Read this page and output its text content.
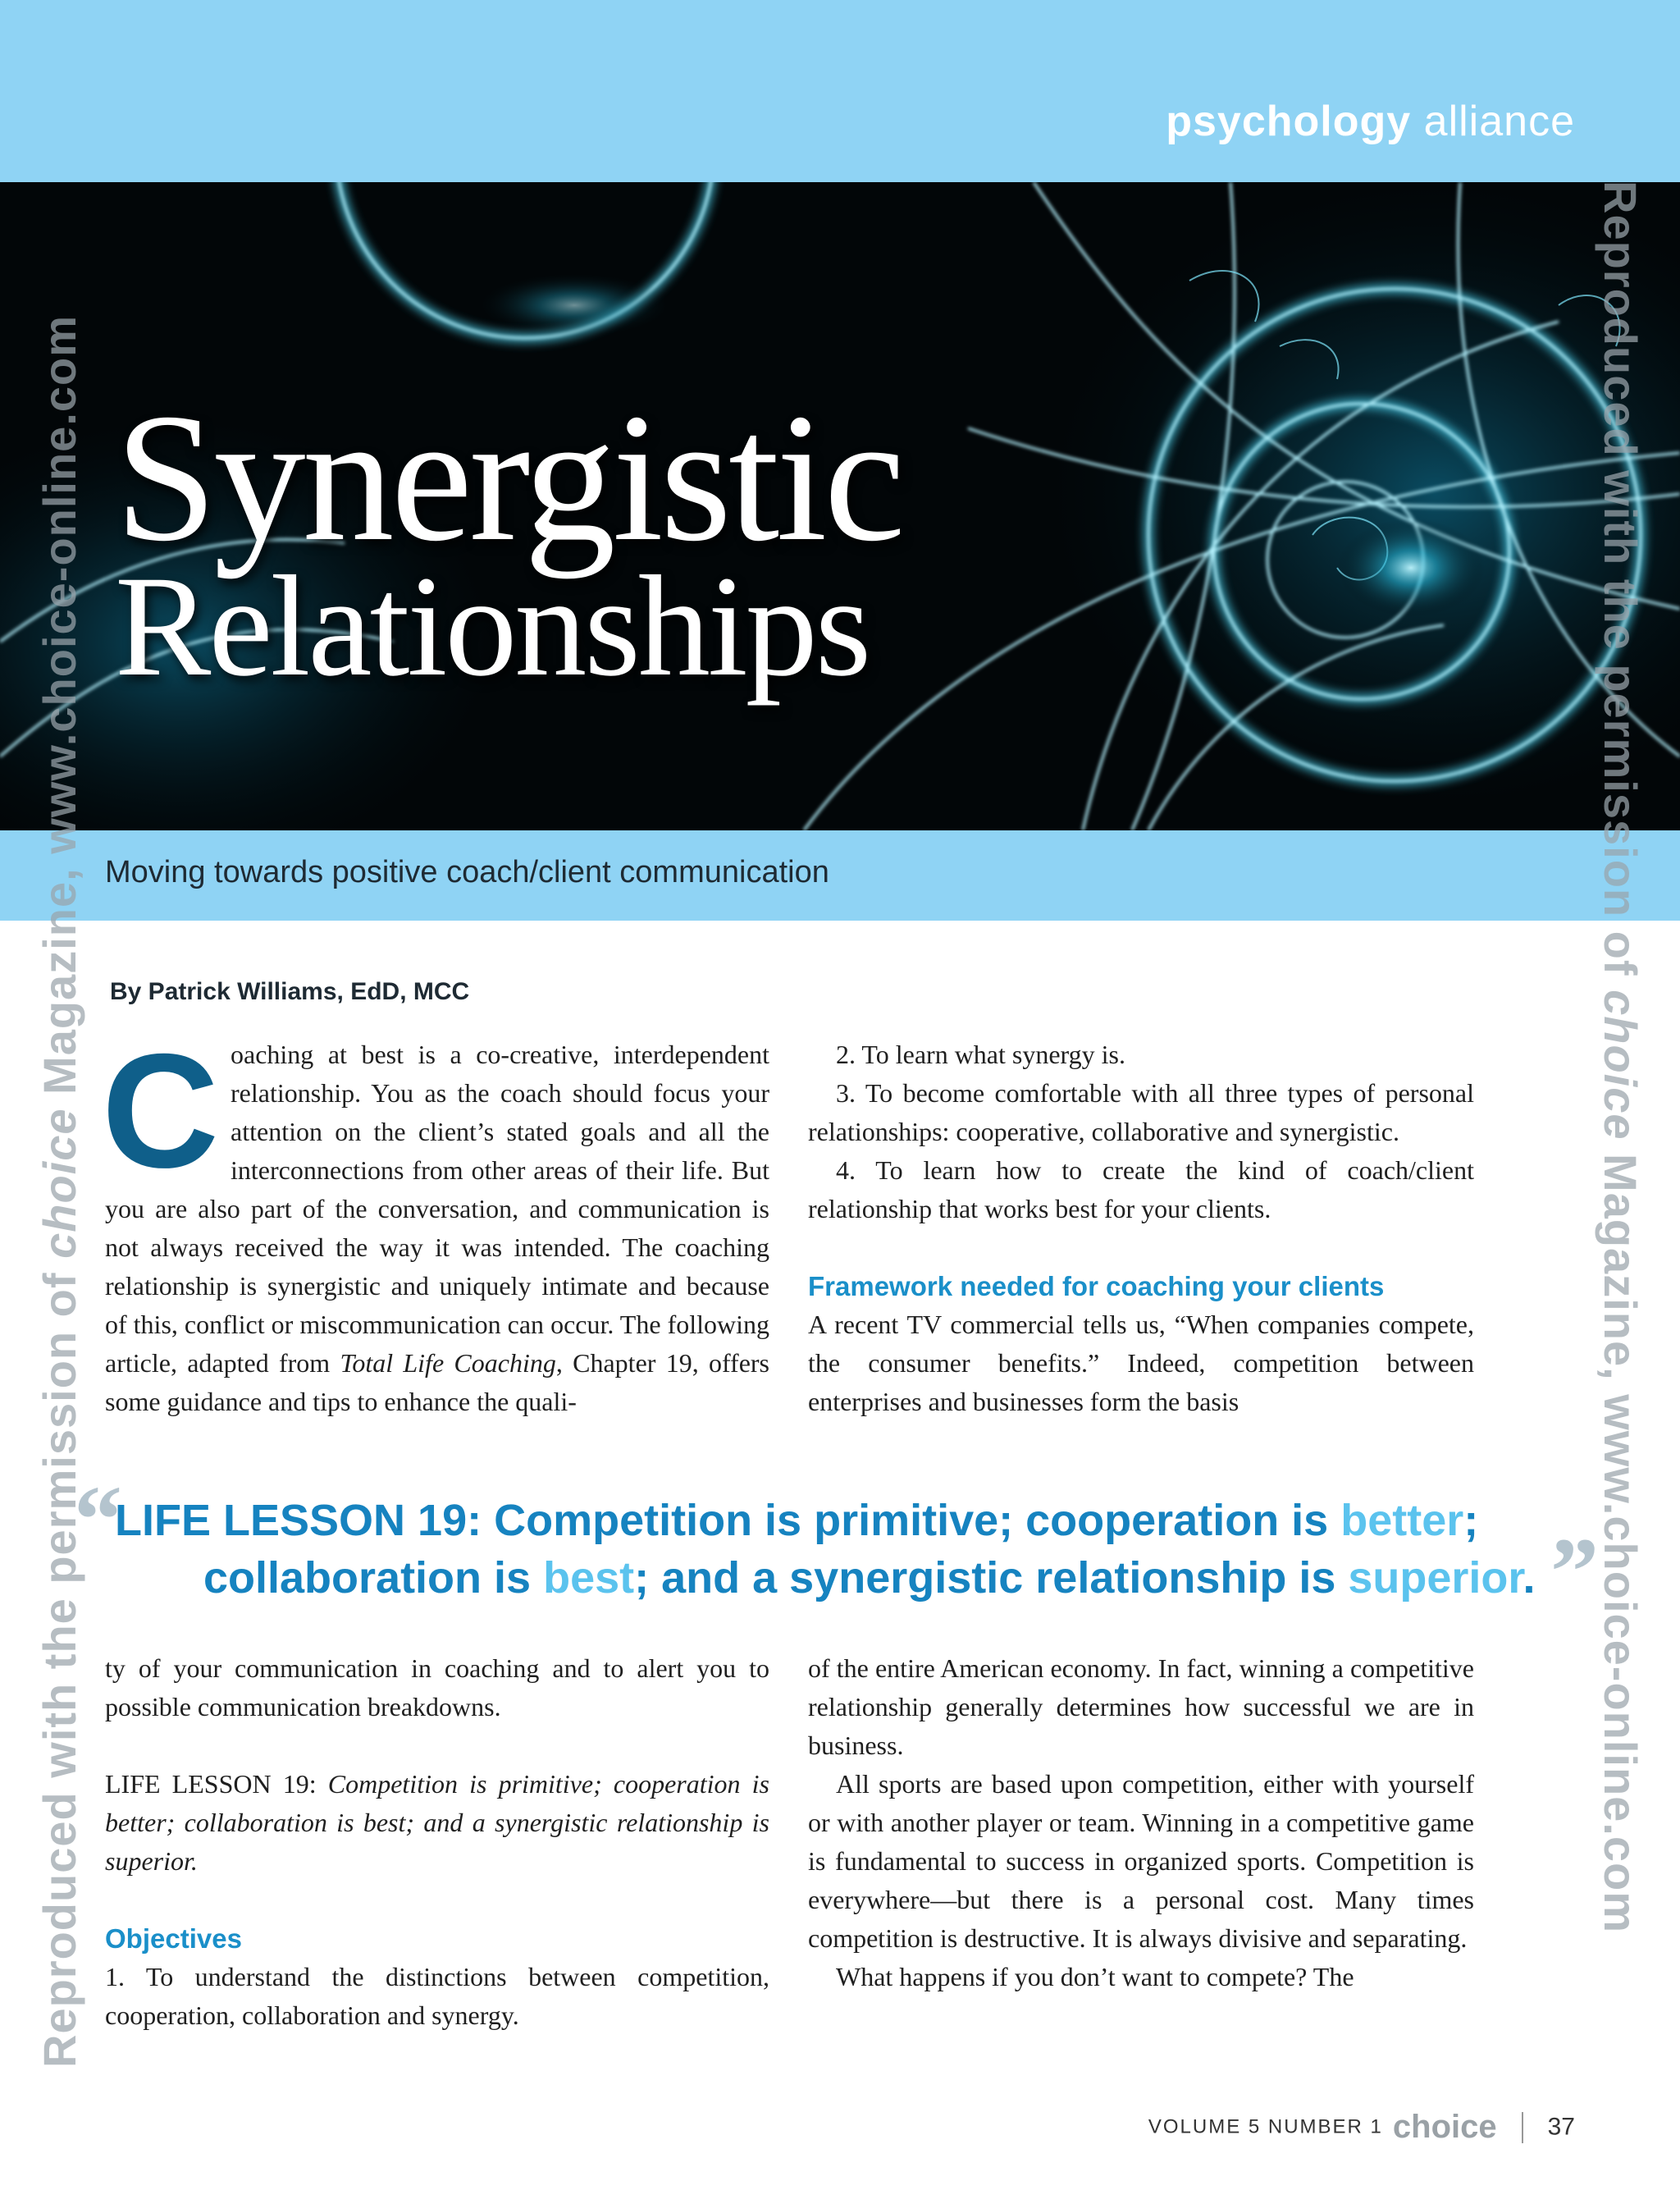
psychology alliance
Synergistic
Relationships
Moving towards positive coach/client communication
Reproduced with the permission of choice Magazine, www.choice-online.com	Reproduced with the permission of choice Magazine, www.choice-online.com
By Patrick Williams, EdD, MCC

Coaching at best is a co-creative, interdependent relationship. You as the coach should focus your attention on the client’s stated goals and all the interconnections from other areas of their life. But you are also part of the conversation, and communication is not always received the way it was intended. The coaching relationship is synergistic and uniquely intimate and because of this, conflict or miscommunication can occur. The following article, adapted from Total Life Coaching, Chapter 19, offers some guidance and tips to enhance the quali-

2. To learn what synergy is.

3. To become comfortable with all three types of personal relationships: cooperative, collaborative and synergistic.

4. To learn how to create the kind of coach/client relationship that works best for your clients.

Framework needed for coaching your clients

A recent TV commercial tells us, “When companies compete, the consumer benefits.” Indeed, competition between enterprises and businesses form the basis

“
LIFE LESSON 19: Competition is primitive; cooperation is better;
collaboration is best; and a synergistic relationship is superior. ”

ty of your communication in coaching and to alert you to possible communication breakdowns.

LIFE LESSON 19: Competition is primitive; cooperation is better; collaboration is best; and a synergistic relationship is superior.

Objectives

1. To understand the distinctions between competition, cooperation, collaboration and synergy.

of the entire American economy. In fact, winning a competitive relationship generally determines how successful we are in business.

All sports are based upon competition, either with yourself or with another player or team. Winning in a competitive game is fundamental to success in organized sports. Competition is everywhere—but there is a personal cost. Many times competition is destructive. It is always divisive and separating.

What happens if you don’t want to compete? The

VOLUME 5 NUMBER 1 choice 37
